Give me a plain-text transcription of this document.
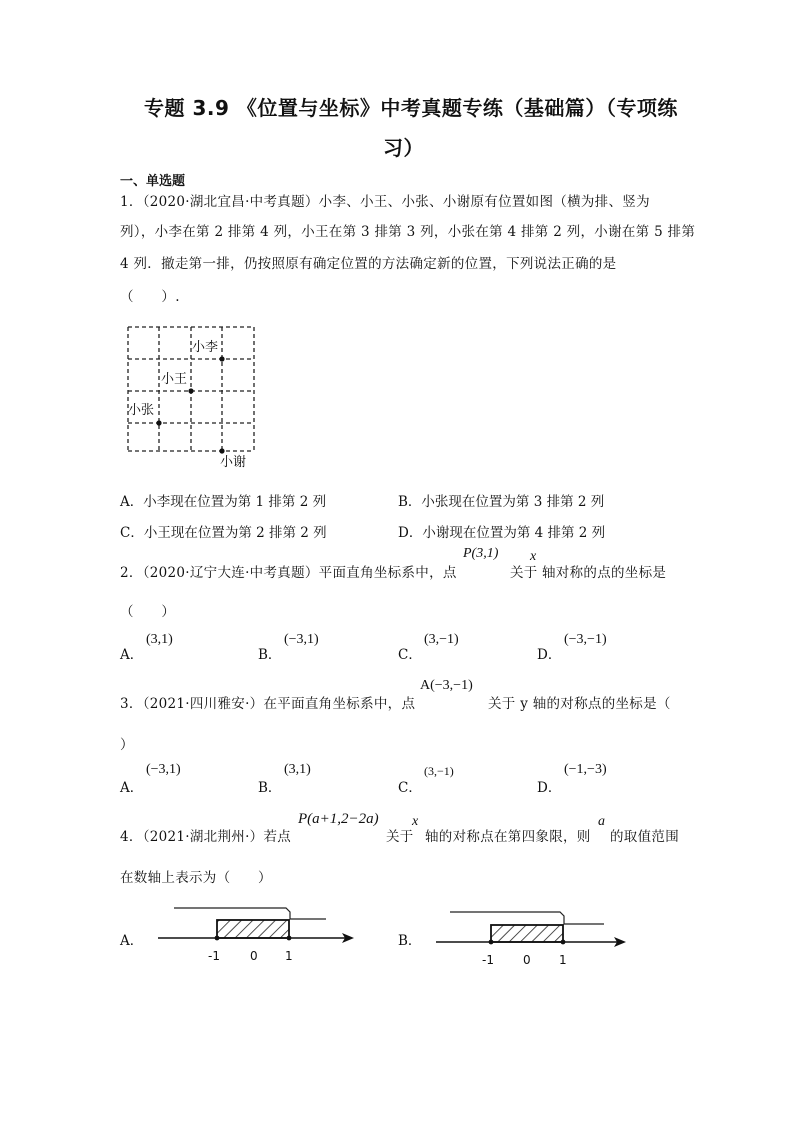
专题 3.9 《位置与坐标》中考真题专练（基础篇）（专项练
习）
一、单选题
1．（2020·湖北宜昌·中考真题）小李、小王、小张、小谢原有位置如图（横为排、竖为
列），小李在第 2 排第 4 列，小王在第 3 排第 3 列，小张在第 4 排第 2 列，小谢在第 5 排第
4 列．撤走第一排，仍按照原有确定位置的方法确定新的位置，下列说法正确的是
（　　）.
小李
小王
小张
小谢
A．小李现在位置为第 1 排第 2 列	B．小张现在位置为第 3 排第 2 列
C．小王现在位置为第 2 排第 2 列	D．小谢现在位置为第 4 排第 2 列
2．（2020·辽宁大连·中考真题）平面直角坐标系中，点
P(3,1)
关于
x
轴对称的点的坐标是
（　　）
A．
(3,1)
B．
(−3,1)
C．
(3,−1)
D．
(−3,−1)
3．（2021·四川雅安·）在平面直角坐标系中，点
A(−3,−1)
关于 y 轴的对称点的坐标是（
）
A．
(−3,1)
B．
(3,1)
C．
(3,−1)
D．
(−1,−3)
4．（2021·湖北荆州·）若点
P(a+1,2−2a)
关于
x
轴的对称点在第四象限，则
a
的取值范围
在数轴上表示为（　　）
A．
-1	0 1
B．
-1 0 1
